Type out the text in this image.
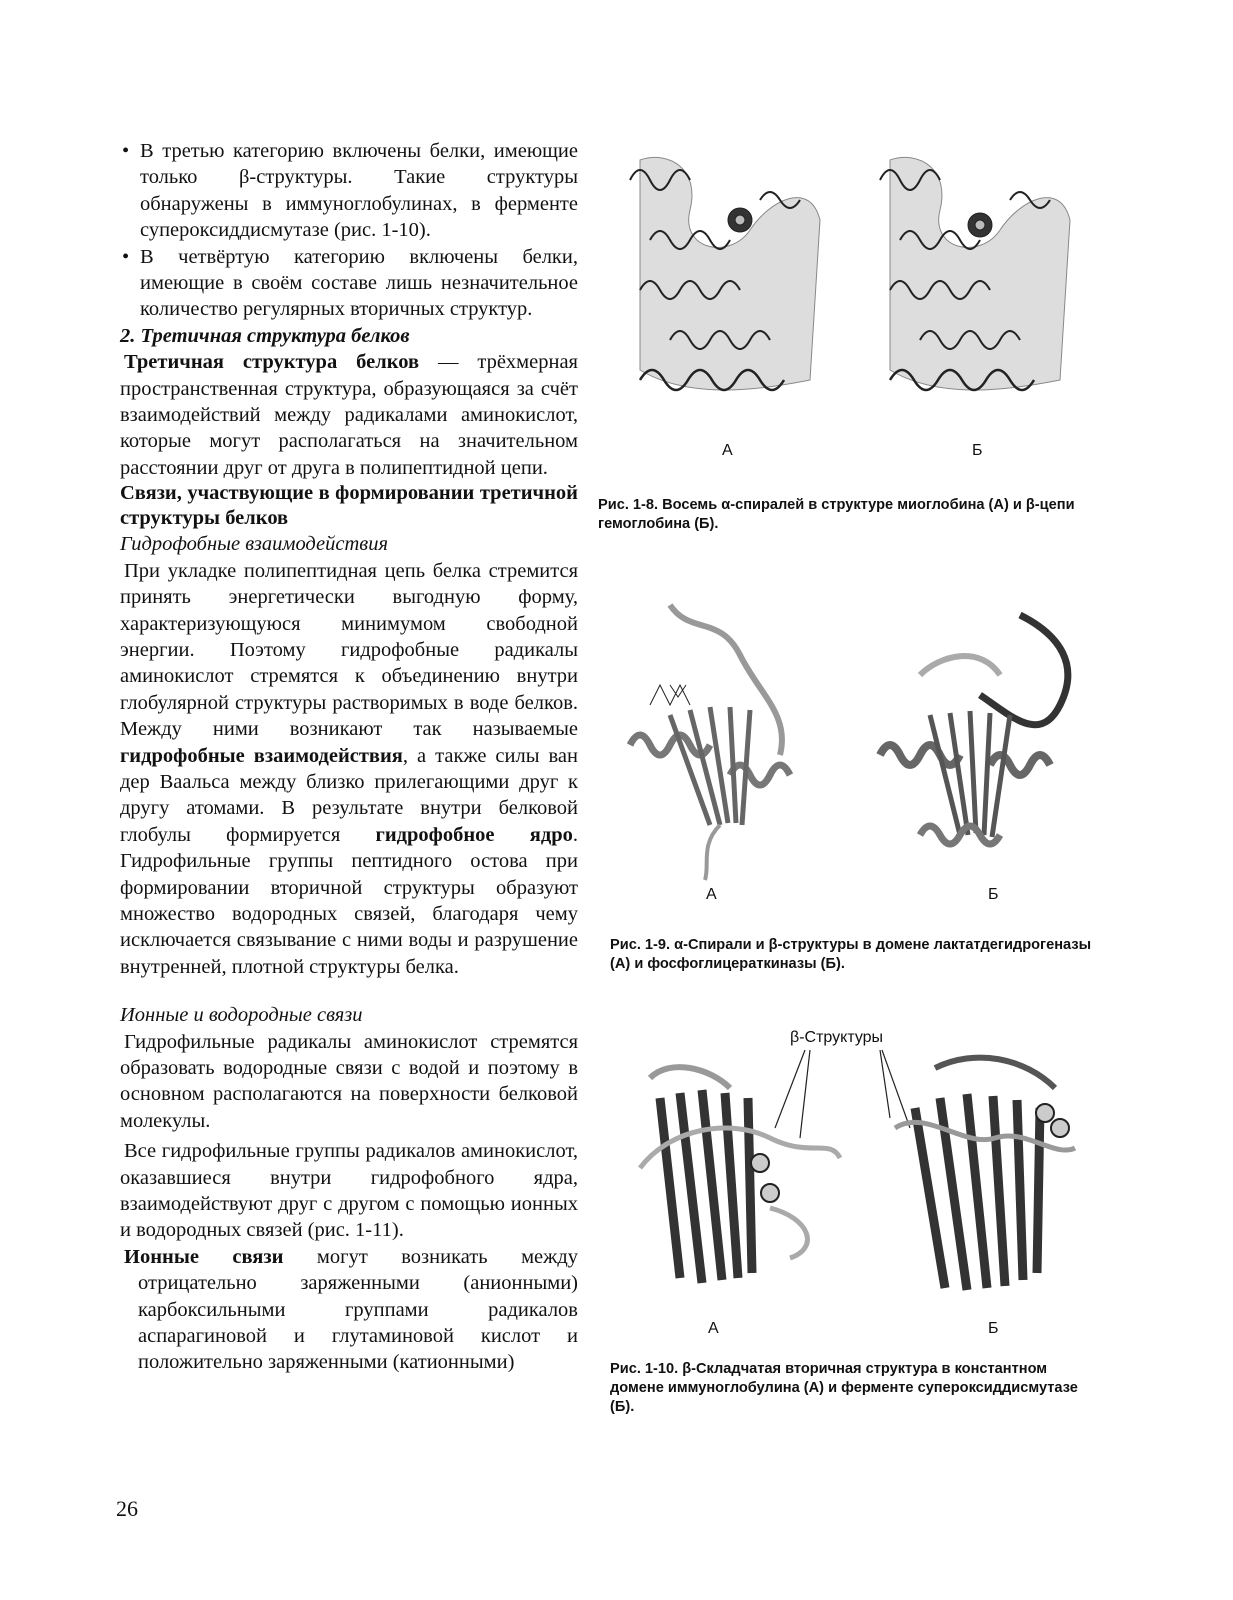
• В третью категорию включены белки, имеющие только β-структуры. Такие структуры обнаружены в иммуноглобулинах, в ферменте супероксиддисмутазе (рис. 1-10).

• В четвёртую категорию включены белки, имеющие в своём составе лишь незначительное количество регулярных вторичных структур.

2. Третичная структура белков

Третичная структура белков — трёхмерная пространственная структура, образующаяся за счёт взаимодействий между радикалами аминокислот, которые могут располагаться на значительном расстоянии друг от друга в полипептидной цепи.

Связи, участвующие в формировании третичной структуры белков

Гидрофобные взаимодействия

При укладке полипептидная цепь белка стремится принять энергетически выгодную форму, характеризующуюся минимумом свободной энергии. Поэтому гидрофобные радикалы аминокислот стремятся к объединению внутри глобулярной структуры растворимых в воде белков. Между ними возникают так называемые гидрофобные взаимодействия, а также силы ван дер Ваальса между близко прилегающими друг к другу атомами. В результате внутри белковой глобулы формируется гидрофобное ядро. Гидрофильные группы пептидного остова при формировании вторичной структуры образуют множество водородных связей, благодаря чему исключается связывание с ними воды и разрушение внутренней, плотной структуры белка.

Ионные и водородные связи

Гидрофильные радикалы аминокислот стремятся образовать водородные связи с водой и поэтому в основном располагаются на поверхности белковой молекулы.

Все гидрофильные группы радикалов аминокислот, оказавшиеся внутри гидрофобного ядра, взаимодействуют друг с другом с помощью ионных и водородных связей (рис. 1-11).

Ионные связи могут возникать между отрицательно заряженными (анионными) карбоксильными группами радикалов аспарагиновой и глутаминовой кислот и положительно заряженными (катионными)

26
А	Б
Рис. 1-8. Восемь α-спиралей в структуре миоглобина (А) и β-цепи гемоглобина (Б).
А	Б
Рис. 1-9. α-Спирали и β-структуры в домене лактатдегидрогеназы (А) и фосфоглицераткиназы (Б).
β-Структуры
А	Б
Рис. 1-10. β-Складчатая вторичная структура в константном домене иммуноглобулина (А) и ферменте супероксиддисмутазе (Б).
